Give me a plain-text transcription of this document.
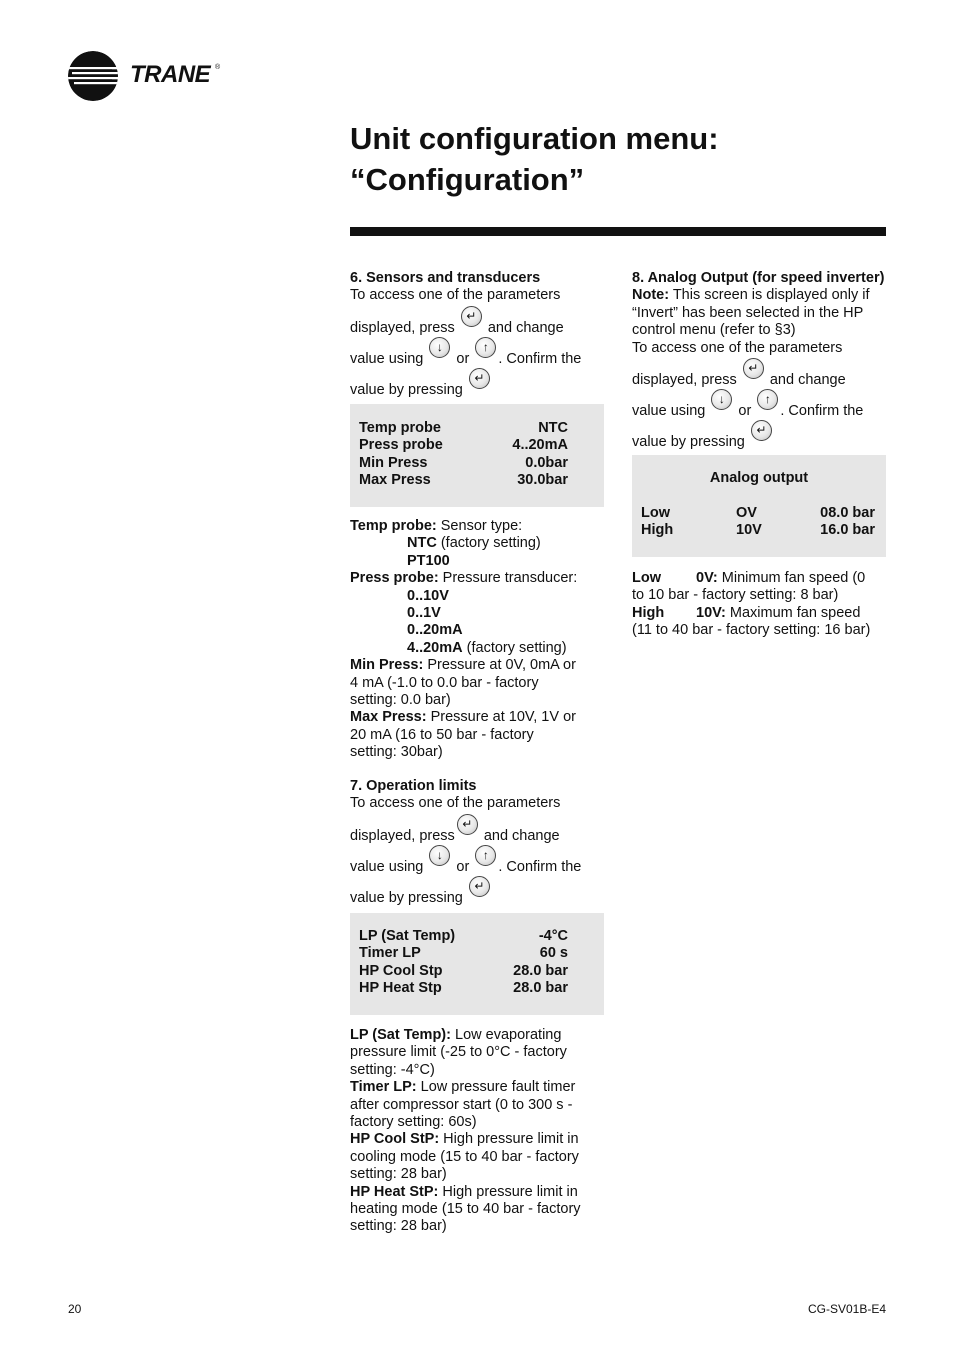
TRANE ®
Unit configuration menu:
“Configuration”

6. Sensors and transducers

To access one of the parameters

displayed, press ↵ and change
value using ↓ or ↑. Confirm the
value by pressing ↵
Temp probe	NTC
Press probe	4..20mA
Min Press	0.0bar
Max Press	30.0bar

Temp probe: Sensor type:

NTC (factory setting)

PT100

Press probe: Pressure transducer:

0..10V

0..1V

0..20mA

4..20mA (factory setting)

Min Press: Pressure at 0V, 0mA or

4 mA (-1.0 to 0.0 bar - factory

setting: 0.0 bar)

Max Press: Pressure at 10V, 1V or

20 mA (16 to 50 bar - factory

setting: 30bar)

7. Operation limits

To access one of the parameters

displayed, press↵ and change
value using ↓ or ↑. Confirm the
value by pressing ↵
LP (Sat Temp)	-4°C
Timer LP	60 s
HP Cool Stp	28.0 bar
HP Heat Stp	28.0 bar

LP (Sat Temp): Low evaporating

pressure limit (-25 to 0°C - factory

setting: -4°C)

Timer LP: Low pressure fault timer

after compressor start (0 to 300 s -

factory setting: 60s)

HP Cool StP: High pressure limit in

cooling mode (15 to 40 bar - factory

setting: 28 bar)

HP Heat StP: High pressure limit in

heating mode (15 to 40 bar - factory

setting: 28 bar)

8. Analog Output (for speed inverter)

Note: This screen is displayed only if

“Invert” has been selected in the HP

control menu (refer to §3)

To access one of the parameters

displayed, press ↵ and change
value using ↓ or ↑. Confirm the
value by pressing ↵
Analog output
Low	OV	08.0 bar
High	10V	16.0 bar

Low 0V: Minimum fan speed (0

to 10 bar - factory setting: 8 bar)

High 10V: Maximum fan speed

(11 to 40 bar - factory setting: 16 bar)

20	CG-SV01B-E4
